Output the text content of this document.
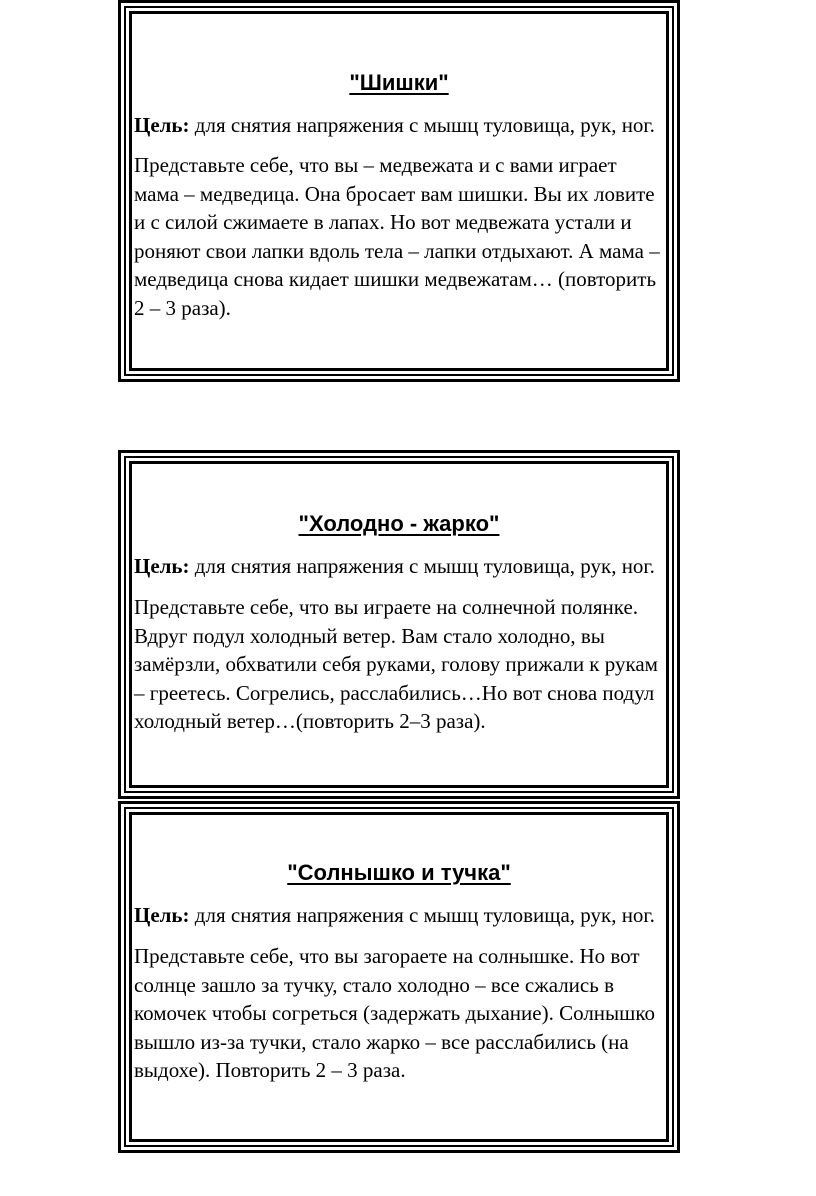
"Шишки"

Цель: для снятия напряжения с мышц туловища, рук, ног.

Представьте себе, что вы – медвежата и с вами играет мама – медведица. Она бросает вам шишки. Вы их ловите и с силой сжимаете в лапах. Но вот медвежата устали и роняют свои лапки вдоль тела – лапки отдыхают. А мама – медведица снова кидает шишки медвежатам… (повторить 2 – 3 раза).

"Холодно - жарко"

Цель: для снятия напряжения с мышц туловища, рук, ног.

Представьте себе, что вы играете на солнечной полянке. Вдруг подул холодный ветер. Вам стало холодно, вы замёрзли, обхватили себя руками, голову прижали к рукам – греетесь. Согрелись, расслабились…Но вот снова подул холодный ветер…(повторить 2–3 раза).

"Солнышко и тучка"

Цель: для снятия напряжения с мышц туловища, рук, ног.

Представьте себе, что вы загораете на солнышке. Но вот солнце зашло за тучку, стало холодно – все сжались в комочек чтобы согреться (задержать дыхание). Солнышко вышло из-за тучки, стало жарко – все расслабились (на выдохе). Повторить 2 – 3 раза.
